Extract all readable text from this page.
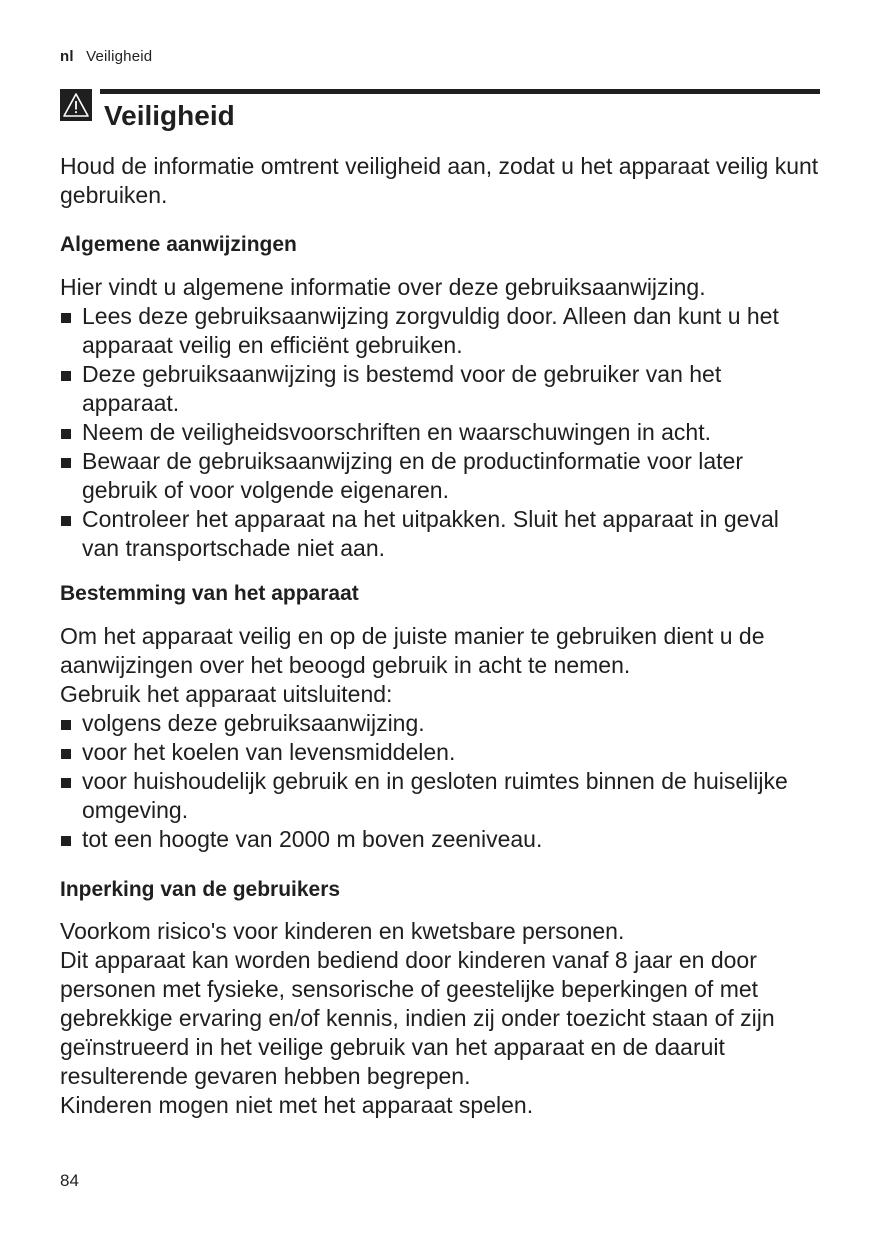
nl Veiligheid
Veiligheid

Houd de informatie omtrent veiligheid aan, zodat u het apparaat veilig kunt gebruiken.

Algemene aanwijzingen

Hier vindt u algemene informatie over deze gebruiksaanwijzing.

Lees deze gebruiksaanwijzing zorgvuldig door. Alleen dan kunt u het apparaat veilig en efficiënt gebruiken.
Deze gebruiksaanwijzing is bestemd voor de gebruiker van het apparaat.
Neem de veiligheidsvoorschriften en waarschuwingen in acht.
Bewaar de gebruiksaanwijzing en de productinformatie voor later gebruik of voor volgende eigenaren.
Controleer het apparaat na het uitpakken. Sluit het apparaat in geval van transportschade niet aan.
Bestemming van het apparaat

Om het apparaat veilig en op de juiste manier te gebruiken dient u de aanwijzingen over het beoogd gebruik in acht te nemen.

Gebruik het apparaat uitsluitend:

volgens deze gebruiksaanwijzing.
voor het koelen van levensmiddelen.
voor huishoudelijk gebruik en in gesloten ruimtes binnen de huiselijke omgeving.
tot een hoogte van 2000 m boven zeeniveau.
Inperking van de gebruikers

Voorkom risico's voor kinderen en kwetsbare personen.

Dit apparaat kan worden bediend door kinderen vanaf 8 jaar en door personen met fysieke, sensorische of geestelijke beperkingen of met gebrekkige ervaring en/of kennis, indien zij onder toezicht staan of zijn geïnstrueerd in het veilige gebruik van het apparaat en de daaruit resulterende gevaren hebben begrepen.

Kinderen mogen niet met het apparaat spelen.

84
